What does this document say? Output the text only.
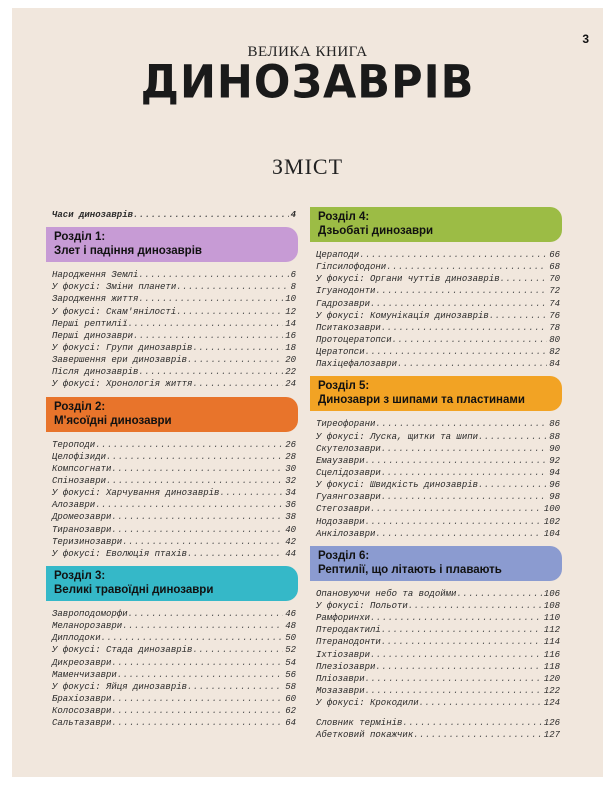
3
ВЕЛИКА КНИГА
ДИНОЗАВРІВ
ЗМІСТ
Часи динозаврів .....	4
Розділ 1:
Злет і падіння динозаврів
Народження Землі .....	6
У фокусі: Зміни планети .....	8
Зародження життя .....	10
У фокусі: Скам'янілості .....	12
Перші рептилії .....	14
Перші динозаври .....	16
У фокусі: Групи динозаврів .....	18
Завершення ери динозаврів .....	20
Після динозаврів .....	22
У фокусі: Хронологія життя .....	24
Розділ 2:
М'ясоїдні динозаври
Тероподи .....	26
Целофізиди .....	28
Компсогнати .....	30
Спінозаври .....	32
У фокусі: Харчування динозаврів .....	34
Алозаври .....	36
Дромеозаври .....	38
Тиранозаври .....	40
Теризинозаври .....	42
У фокусі: Еволюція птахів .....	44
Розділ 3:
Великі травоїдні динозаври
Завроподоморфи .....	46
Меланорозаври .....	48
Диплодоки .....	50
У фокусі: Стада динозаврів .....	52
Дикреозаври .....	54
Маменчизаври .....	56
У фокусі: Яйця динозаврів .....	58
Брахіозаври .....	60
Колосозаври .....	62
Сальтазаври .....	64
Розділ 4:
Дзьобаті динозаври
Цераподи .....	66
Гіпсилофодони .....	68
У фокусі: Органи чуттів динозаврів .....	70
Ігуанодонти .....	72
Гадрозаври .....	74
У фокусі: Комунікація динозаврів .....	76
Пситакозаври .....	78
Протоцератопси .....	80
Цератопси .....	82
Пахіцефалозаври .....	84
Розділ 5:
Динозаври з шипами та пластинами
Тиреофорани .....	86
У фокусі: Луска, щитки та шипи .....	88
Скутелозаври .....	90
Емаузаври .....	92
Сцелідозаври .....	94
У фокусі: Швидкість динозаврів .....	96
Гуаянгозаври .....	98
Стегозаври .....	100
Нодозаври .....	102
Анкілозаври .....	104
Розділ 6:
Рептилії, що літають і плавають
Опановуючи небо та водойми .....	106
У фокусі: Польоти .....	108
Рамфоринхи .....	110
Птеродактилі .....	112
Птеранодонти .....	114
Іхтіозаври .....	116
Плезіозаври .....	118
Пліозаври .....	120
Мозазаври .....	122
У фокусі: Крокодили .....	124
Словник термінів .....	126
Абетковий покажчик .....	127
